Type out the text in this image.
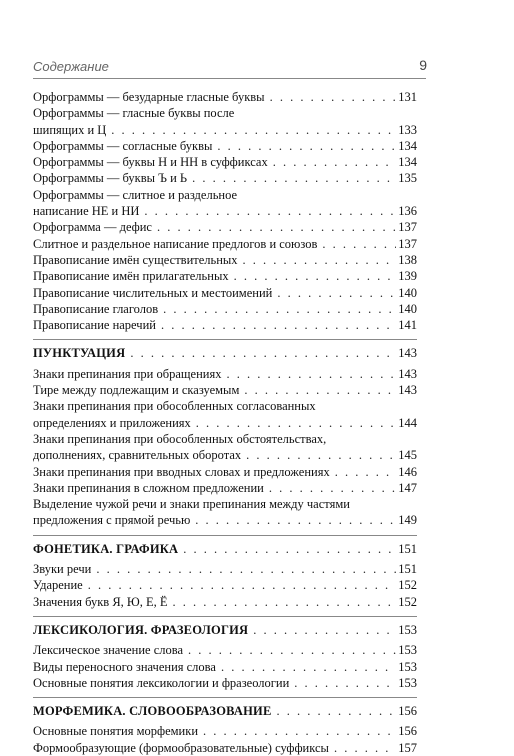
Содержание	9
Орфограммы — безударные гласные буквы . . .	131
Орфограммы — гласные буквы после
шипящих и Ц . . .	133
Орфограммы — согласные буквы . . .	134
Орфограммы — буквы Н и НН в суффиксах . . .	134
Орфограммы — буквы Ъ и Ь . . .	135
Орфограммы — слитное и раздельное
написание НЕ и НИ . . .	136
Орфограмма — дефис . . .	137
Слитное и раздельное написание предлогов и союзов . . .	137
Правописание имён существительных . . .	138
Правописание имён прилагательных . . .	139
Правописание числительных и местоимений . . .	140
Правописание глаголов . . .	140
Правописание наречий . . .	141
ПУНКТУАЦИЯ . . .	143
Знаки препинания при обращениях . . .	143
Тире между подлежащим и сказуемым . . .	143
Знаки препинания при обособленных согласованных
определениях и приложениях . . .	144
Знаки препинания при обособленных обстоятельствах,
дополнениях, сравнительных оборотах . . .	145
Знаки препинания при вводных словах и предложениях . . .	146
Знаки препинания в сложном предложении . . .	147
Выделение чужой речи и знаки препинания между частями
предложения с прямой речью . . .	149
ФОНЕТИКА. ГРАФИКА . . .	151
Звуки речи . . .	151
Ударение . . .	152
Значения букв Я, Ю, Е, Ё . . .	152
ЛЕКСИКОЛОГИЯ. ФРАЗЕОЛОГИЯ . . .	153
Лексическое значение слова . . .	153
Виды переносного значения слова . . .	153
Основные понятия лексикологии и фразеологии . . .	153
МОРФЕМИКА. СЛОВООБРАЗОВАНИЕ . . .	156
Основные понятия морфемики . . .	156
Формообразующие (формообразовательные) суффиксы . . .	157
